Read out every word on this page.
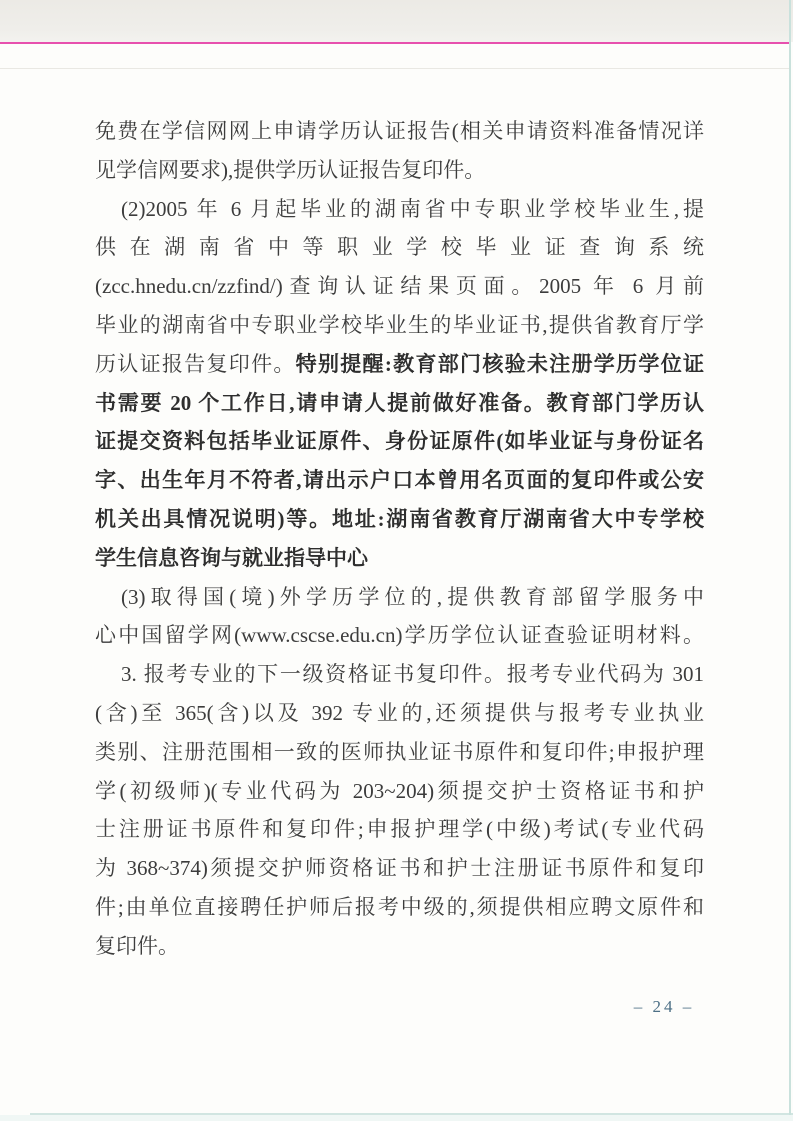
免费在学信网网上申请学历认证报告(相关申请资料准备情况详
见学信网要求),提供学历认证报告复印件。
(2)2005 年 6 月起毕业的湖南省中专职业学校毕业生,提
供在湖南省中等职业学校毕业证查询系统
(zcc.hnedu.cn/zzfind/)查询认证结果页面。2005 年 6 月前
毕业的湖南省中专职业学校毕业生的毕业证书,提供省教育厅学
历认证报告复印件。特别提醒:教育部门核验未注册学历学位证
书需要 20 个工作日,请申请人提前做好准备。教育部门学历认
证提交资料包括毕业证原件、身份证原件(如毕业证与身份证名
字、出生年月不符者,请出示户口本曾用名页面的复印件或公安
机关出具情况说明)等。地址:湖南省教育厅湖南省大中专学校
学生信息咨询与就业指导中心
(3)取得国(境)外学历学位的,提供教育部留学服务中
心中国留学网(www.cscse.edu.cn)学历学位认证查验证明材料。
3. 报考专业的下一级资格证书复印件。报考专业代码为 301
(含)至 365(含)以及 392 专业的,还须提供与报考专业执业
类别、注册范围相一致的医师执业证书原件和复印件;申报护理
学(初级师)(专业代码为 203~204)须提交护士资格证书和护
士注册证书原件和复印件;申报护理学(中级)考试(专业代码
为 368~374)须提交护师资格证书和护士注册证书原件和复印
件;由单位直接聘任护师后报考中级的,须提供相应聘文原件和
复印件。
– 24 –
